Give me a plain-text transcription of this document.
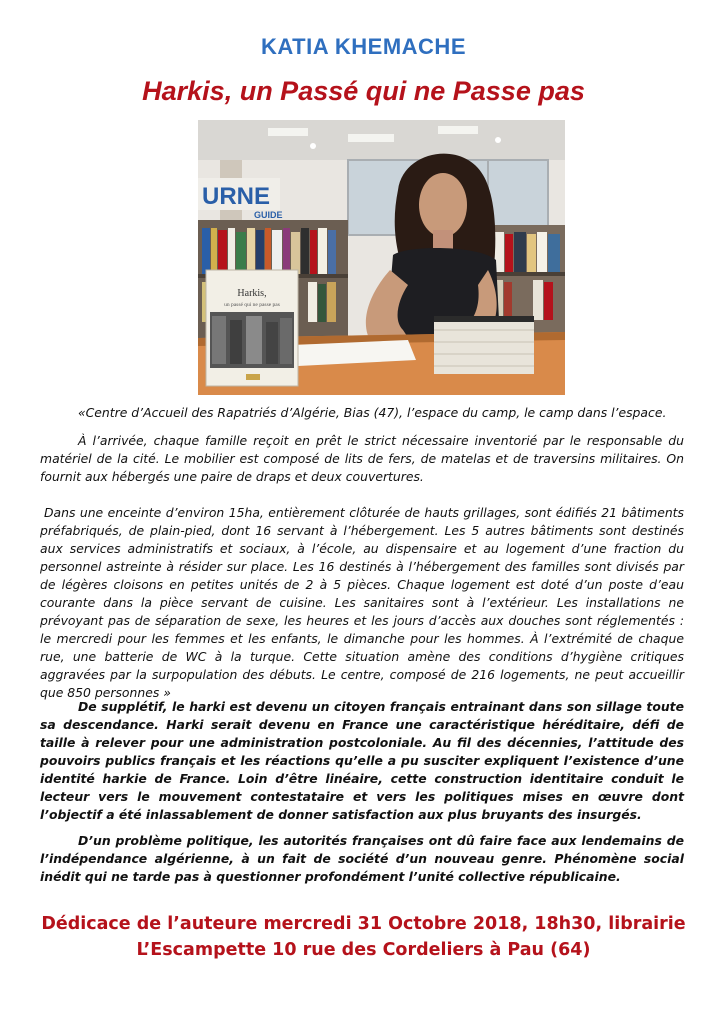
KATIA KHEMACHE
Harkis, un Passé qui ne Passe pas
URNE
GUIDE
Harkis,
un passé qui ne passe pas

«Centre d’Accueil des Rapatriés d’Algérie, Bias (47), l’espace du camp, le camp dans l’espace.

À l’arrivée, chaque famille reçoit en prêt le strict nécessaire inventorié par le responsable du matériel de la cité. Le mobilier est composé de lits de fers, de matelas et de traversins militaires. On fournit aux hébergés une paire de draps et deux couvertures.

Dans une enceinte d’environ 15ha, entièrement clôturée de hauts grillages, sont édifiés 21 bâtiments préfabriqués, de plain-pied, dont 16 servant à l’hébergement. Les 5 autres bâtiments sont destinés aux services administratifs et sociaux, à l’école, au dispensaire et au logement d’une fraction du personnel astreinte à résider sur place. Les 16 destinés à l’hébergement des familles sont divisés par de légères cloisons en petites unités de 2 à 5 pièces. Chaque logement est doté d’un poste d’eau courante dans la pièce servant de cuisine. Les sanitaires sont à l’extérieur. Les installations ne prévoyant pas de séparation de sexe, les heures et les jours d’accès aux douches sont réglementés : le mercredi pour les femmes et les enfants, le dimanche pour les hommes. À l’extrémité de chaque rue, une batterie de WC à la turque. Cette situation amène des conditions d’hygiène critiques aggravées par la surpopulation des débuts. Le centre, composé de 216 logements, ne peut accueillir que 850 personnes »

De supplétif, le harki est devenu un citoyen français entrainant dans son sillage toute sa descendance. Harki serait devenu en France une caractéristique héréditaire, défi de taille à relever pour une administration postcoloniale. Au fil des décennies, l’attitude des pouvoirs publics français et les réactions qu’elle a pu susciter expliquent l’existence d’une identité harkie de France. Loin d’être linéaire, cette construction identitaire conduit le lecteur vers le mouvement contestataire et vers les politiques mises en œuvre dont l’objectif a été inlassablement de donner satisfaction aux plus bruyants des insurgés.

D’un problème politique, les autorités françaises ont dû faire face aux lendemains de l’indépendance algérienne, à un fait de société d’un nouveau genre. Phénomène social inédit qui ne tarde pas à questionner profondément l’unité collective républicaine.

Dédicace de l’auteure mercredi 31 Octobre 2018, 18h30, librairie
L’Escampette 10 rue des Cordeliers à Pau (64)
